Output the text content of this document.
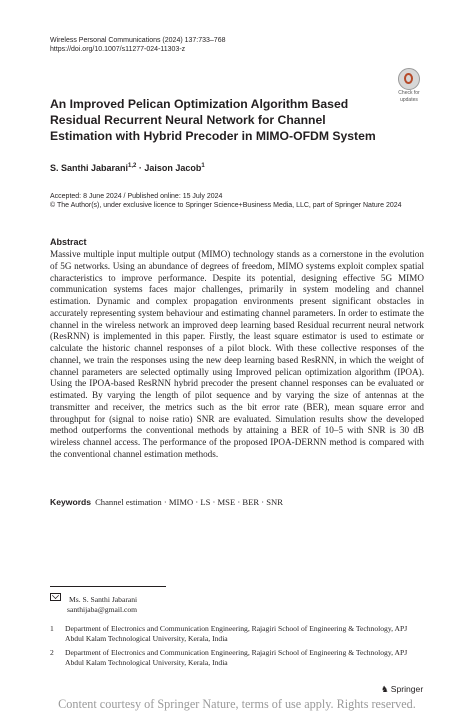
Wireless Personal Communications (2024) 137:733–768
https://doi.org/10.1007/s11277-024-11303-z
Check for
updates
An Improved Pelican Optimization Algorithm Based Residual Recurrent Neural Network for Channel Estimation with Hybrid Precoder in MIMO-OFDM System
S. Santhi Jabarani$^{1,2}$ · Jaison Jacob$^1$
Accepted: 8 June 2024 / Published online: 15 July 2024
© The Author(s), under exclusive licence to Springer Science+Business Media, LLC, part of Springer Nature 2024
Abstract
Massive multiple input multiple output (MIMO) technology stands as a cornerstone in the evolution of 5G networks. Using an abundance of degrees of freedom, MIMO systems exploit complex spatial characteristics to improve performance. Despite its potential, designing effective 5G MIMO communication systems faces major challenges, primarily in system modeling and channel estimation. Dynamic and complex propagation environments present significant obstacles in accurately representing system behaviour and estimating channel parameters. In order to estimate the channel in the wireless network an improved deep learning based Residual recurrent neural network (ResRNN) is implemented in this paper. Firstly, the least square estimator is used to estimate or calculate the historic channel responses of a pilot block. With these collective responses of the channel, we train the responses using the new deep learning based ResRNN, in which the weight of channel parameters are selected optimally using Improved pelican optimization algorithm (IPOA). Using the IPOA-based ResRNN hybrid precoder the present channel responses can be evaluated or estimated. By varying the length of pilot sequence and by varying the size of antennas at the transmitter and receiver, the metrics such as the bit error rate (BER), mean square error and throughput for (signal to noise ratio) SNR are evaluated. Simulation results show the developed method outperforms the conventional methods by attaining a BER of 10–5 with SNR is 30 dB wireless channel access. The performance of the proposed IPOA-DERNN method is compared with the conventional channel estimation methods.
Keywords Channel estimation · MIMO · LS · MSE · BER · SNR
Ms. S. Santhi Jabarani
santhijaba@gmail.com
1	Department of Electronics and Communication Engineering, Rajagiri School of Engineering & Technology, APJ Abdul Kalam Technological University, Kerala, India
2	Department of Electronics and Communication Engineering, Rajagiri School of Engineering & Technology, APJ Abdul Kalam Technological University, Kerala, India
♞ Springer
Content courtesy of Springer Nature, terms of use apply. Rights reserved.
